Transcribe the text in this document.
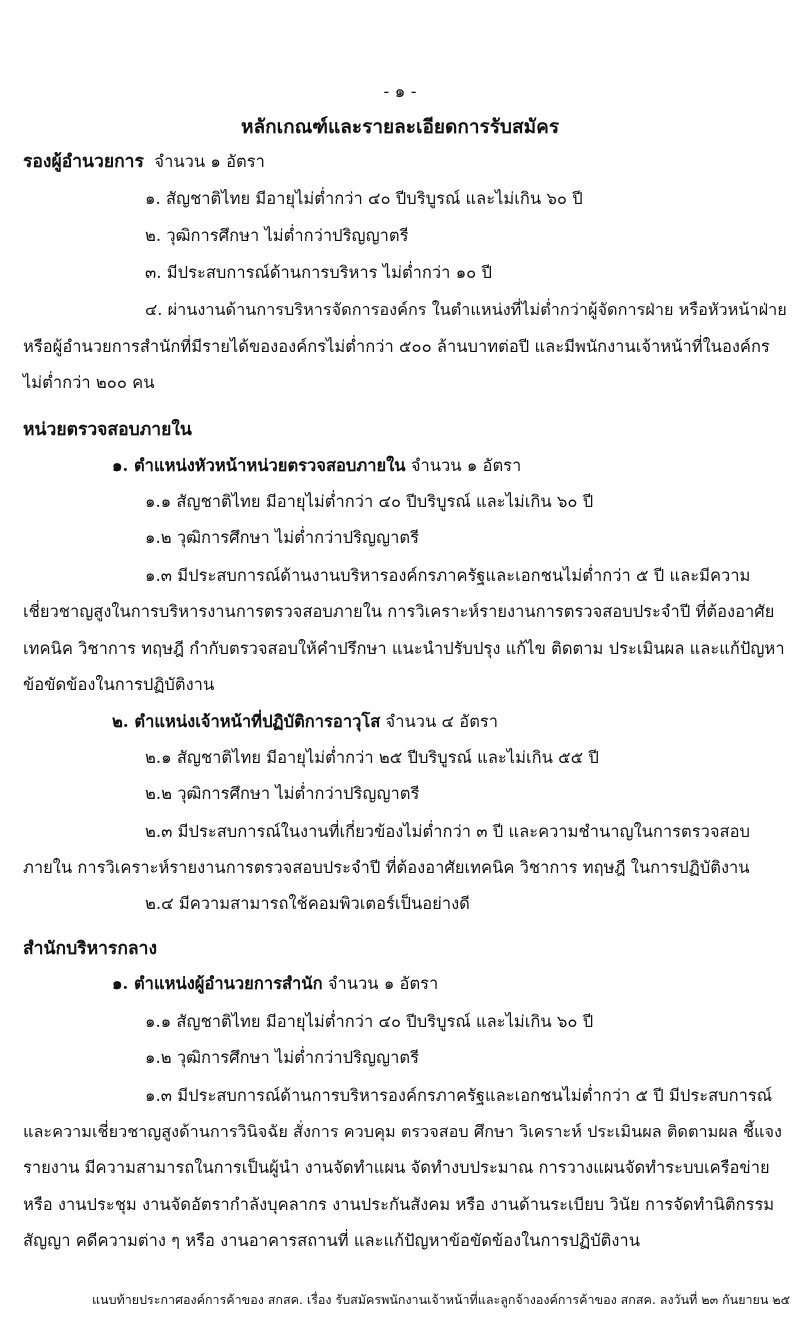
- ๑ -
หลักเกณฑ์และรายละเอียดการรับสมัคร
รองผู้อำนวยการ จำนวน ๑ อัตรา
๑. สัญชาติไทย มีอายุไม่ต่ำกว่า ๔๐ ปีบริบูรณ์ และไม่เกิน ๖๐ ปี
๒. วุฒิการศึกษา ไม่ต่ำกว่าปริญญาตรี
๓. มีประสบการณ์ด้านการบริหาร ไม่ต่ำกว่า ๑๐ ปี
๔. ผ่านงานด้านการบริหารจัดการองค์กร ในตำแหน่งที่ไม่ต่ำกว่าผู้จัดการฝ่าย หรือหัวหน้าฝ่าย
หรือผู้อำนวยการสำนักที่มีรายได้ขององค์กรไม่ต่ำกว่า ๕๐๐ ล้านบาทต่อปี และมีพนักงานเจ้าหน้าที่ในองค์กร
ไม่ต่ำกว่า ๒๐๐ คน
หน่วยตรวจสอบภายใน
๑. ตำแหน่งหัวหน้าหน่วยตรวจสอบภายใน จำนวน ๑ อัตรา
๑.๑ สัญชาติไทย มีอายุไม่ต่ำกว่า ๔๐ ปีบริบูรณ์ และไม่เกิน ๖๐ ปี
๑.๒ วุฒิการศึกษา ไม่ต่ำกว่าปริญญาตรี
๑.๓ มีประสบการณ์ด้านงานบริหารองค์กรภาครัฐและเอกชนไม่ต่ำกว่า ๕ ปี และมีความ
เชี่ยวชาญสูงในการบริหารงานการตรวจสอบภายใน การวิเคราะห์รายงานการตรวจสอบประจำปี ที่ต้องอาศัย
เทคนิค วิชาการ ทฤษฎี กำกับตรวจสอบให้คำปรึกษา แนะนำปรับปรุง แก้ไข ติดตาม ประเมินผล และแก้ปัญหา
ข้อขัดข้องในการปฏิบัติงาน
๒. ตำแหน่งเจ้าหน้าที่ปฏิบัติการอาวุโส จำนวน ๔ อัตรา
๒.๑ สัญชาติไทย มีอายุไม่ต่ำกว่า ๒๕ ปีบริบูรณ์ และไม่เกิน ๕๕ ปี
๒.๒ วุฒิการศึกษา ไม่ต่ำกว่าปริญญาตรี
๒.๓ มีประสบการณ์ในงานที่เกี่ยวข้องไม่ต่ำกว่า ๓ ปี และความชำนาญในการตรวจสอบ
ภายใน การวิเคราะห์รายงานการตรวจสอบประจำปี ที่ต้องอาศัยเทคนิค วิชาการ ทฤษฎี ในการปฏิบัติงาน
๒.๔ มีความสามารถใช้คอมพิวเตอร์เป็นอย่างดี
สำนักบริหารกลาง
๑. ตำแหน่งผู้อำนวยการสำนัก จำนวน ๑ อัตรา
๑.๑ สัญชาติไทย มีอายุไม่ต่ำกว่า ๔๐ ปีบริบูรณ์ และไม่เกิน ๖๐ ปี
๑.๒ วุฒิการศึกษา ไม่ต่ำกว่าปริญญาตรี
๑.๓ มีประสบการณ์ด้านการบริหารองค์กรภาครัฐและเอกชนไม่ต่ำกว่า ๕ ปี มีประสบการณ์
และความเชี่ยวชาญสูงด้านการวินิจฉัย สั่งการ ควบคุม ตรวจสอบ ศึกษา วิเคราะห์ ประเมินผล ติดตามผล ชี้แจง
รายงาน มีความสามารถในการเป็นผู้นำ งานจัดทำแผน จัดทำงบประมาณ การวางแผนจัดทำระบบเครือข่าย
หรือ งานประชุม งานจัดอัตรากำลังบุคลากร งานประกันสังคม หรือ งานด้านระเบียบ วินัย การจัดทำนิติกรรม
สัญญา คดีความต่าง ๆ หรือ งานอาคารสถานที่ และแก้ปัญหาข้อขัดข้องในการปฏิบัติงาน
แนบท้ายประกาศองค์การค้าของ สกสค. เรื่อง รับสมัครพนักงานเจ้าหน้าที่และลูกจ้างองค์การค้าของ สกสค. ลงวันที่ ๒๓ กันยายน ๒๕
